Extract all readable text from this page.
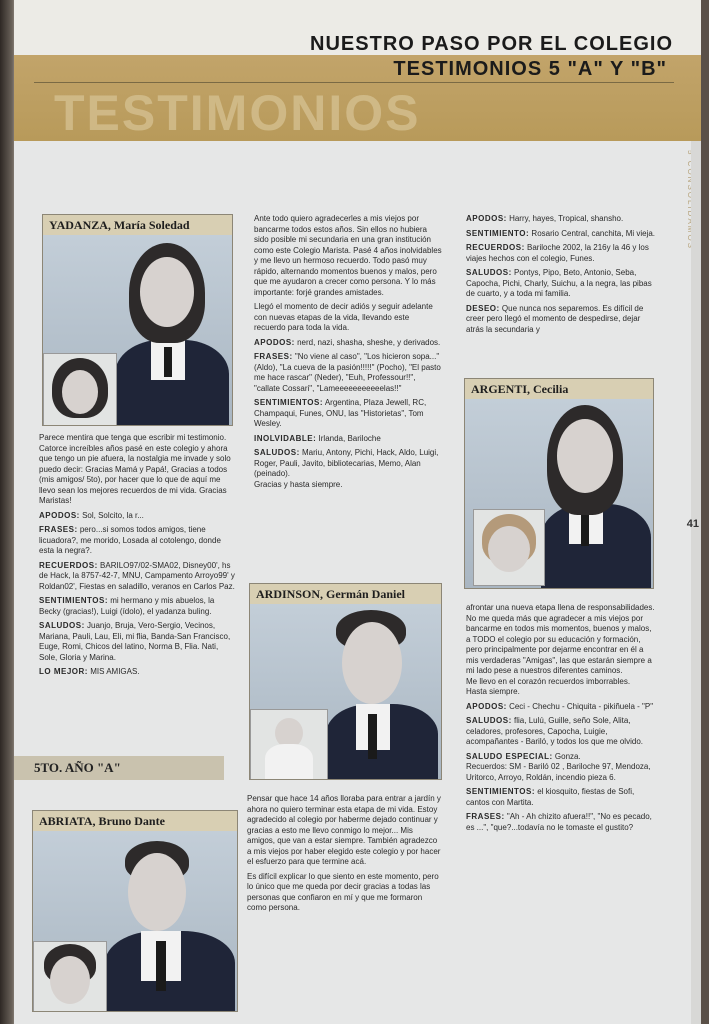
TESTIMONIOS
NUESTRO PASO POR EL COLEGIO
TESTIMONIOS 5 "A" Y "B"
41
YADANZA, María Soledad

Parece mentira que tenga que escribir mi testimonio. Catorce increíbles años pasé en este colegio y ahora que tengo un pie afuera, la nostalgia me invade y solo puedo decir: Gracias Mamá y Papá!, Gracias a todos (mis amigos/ 5to), por hacer que lo que de aquí me llevo sean los mejores recuerdos de mi vida. Gracias Maristas!

APODOS: Sol, Solcito, la r...

FRASES: pero...si somos todos amigos, tiene licuadora?, me morido, Losada al cotolengo, donde esta la negra?.

RECUERDOS: BARILO97/02-SMA02, Disney00', hs de Hack, la 8757-42-7, MNU, Campamento Arroyo99' y Roldan02', Fiestas en saladillo, veranos en Carlos Paz.

SENTIMIENTOS: mi hermano y mis abuelos, la Becky (gracias!), Luigi (ídolo), el yadanza buling.

SALUDOS: Juanjo, Bruja, Vero-Sergio, Vecinos, Mariana, Pauli, Lau, Eli, mi flia, Banda-San Francisco, Euge, Romi, Chicos del latino, Norma B, Flia. Nati, Sole, Gloria y Marina.

LO MEJOR: MIS AMIGAS.

5TO. AÑO "A"
ABRIATA, Bruno Dante

Ante todo quiero agradecerles a mis viejos por bancarme todos estos años. Sin ellos no hubiera sido posible mi secundaria en una gran institución como este Colegio Marista. Pasé 4 años inolvidables y me llevo un hermoso recuerdo. Todo pasó muy rápido, alternando momentos buenos y malos, pero que me ayudaron a crecer como persona. Y lo más importante: forjé grandes amistades.

Llegó el momento de decir adiós y seguir adelante con nuevas etapas de la vida, llevando este recuerdo para toda la vida.

APODOS: nerd, nazi, shasha, sheshe, y derivados.

FRASES: "No viene al caso", "Los hicieron sopa..." (Aldo), "La cueva de la pasión!!!!!" (Pocho), "El pasto me hace rascar" (Neder), "Euh, Professour!!", "callate Cossari", "Lameeeeeeeeeeelas!!"

SENTIMIENTOS: Argentina, Plaza Jewell, RC, Champaqui, Funes, ONU, las "Historietas", Tom Wesley.

INOLVIDABLE: Irlanda, Bariloche

SALUDOS: Mariu, Antony, Pichi, Hack, Aldo, Luigi, Roger, Pauli, Javito, bibliotecarias, Memo, Alan (peinado).

Gracias y hasta siempre.

ARDINSON, Germán Daniel

Pensar que hace 14 años lloraba para entrar a jardín y ahora no quiero terminar esta etapa de mi vida. Estoy agradecido al colegio por haberme dejado continuar y gracias a esto me llevo conmigo lo mejor... Mis amigos, que van a estar siempre. También agradezco a mis viejos por haber elegido este colegio y por hacer el esfuerzo para que termine acá.

Es difícil explicar lo que siento en este momento, pero lo único que me queda por decir gracias a todas las personas que confiaron en mí y que me formaron como persona.

APODOS: Harry, hayes, Tropical, shansho.

SENTIMIENTO: Rosario Central, canchita, Mi vieja.

RECUERDOS: Bariloche 2002, la 216y la 46 y los viajes hechos con el colegio, Funes.

SALUDOS: Pontys, Pipo, Beto, Antonio, Seba, Capocha, Pichi, Charly, Suichu, a la negra, las pibas de cuarto, y a toda mi familia.

DESEO: Que nunca nos separemos. Es difícil de creer pero llegó el momento de despedirse, dejar atrás la secundaria y

ARGENTI, Cecilia

afrontar una nueva etapa llena de responsabilidades.

No me queda más que agradecer a mis viejos por bancarme en todos mis momentos, buenos y malos, a TODO el colegio por su educación y formación, pero principalmente por dejarme encontrar en él a mis verdaderas "Amigas", las que estarán siempre a mi lado pese a nuestros diferentes caminos.

Me llevo en el corazón recuerdos imborrables.

Hasta siempre.

APODOS: Ceci - Chechu - Chiquita - pikiñuela - "P"

SALUDOS: flia, Lulú, Guille, seño Sole, Alita, celadores, profesores, Capocha, Luigie, acompañantes - Bariló, y todos los que me olvido.

SALUDO ESPECIAL: Gonza.

Recuerdos: SM - Bariló 02 , Bariloche 97, Mendoza, Uritorco, Arroyo, Roldán, incendio pieza 6.

SENTIMIENTOS: el kiosquito, fiestas de Sofi, cantos con Martita.

FRASES: "Ah - Ah chizito afuera!!", "No es pecado, es ...", "que?...todavía no le tomaste el gustito?
